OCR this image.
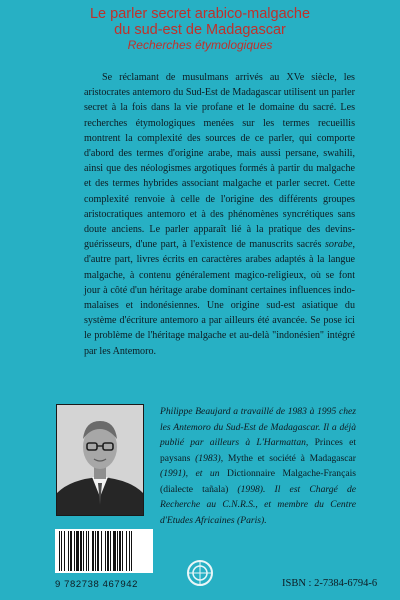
Le parler secret arabico-malgache
du sud-est de Madagascar
Recherches étymologiques

Se réclamant de musulmans arrivés au XVe siècle, les aristocrates antemoro du Sud-Est de Madagascar utilisent un parler secret à la fois dans la vie profane et le domaine du sacré. Les recherches étymologiques menées sur les termes recueillis montrent la complexité des sources de ce parler, qui comporte d'abord des termes d'origine arabe, mais aussi persane, swahili, ainsi que des néologismes argotiques formés à partir du malgache et des termes hybrides associant malgache et parler secret. Cette complexité renvoie à celle de l'origine des différents groupes aristocratiques antemoro et à des phénomènes syncrétiques sans doute anciens. Le parler apparaît lié à la pratique des devins-guérisseurs, d'une part, à l'existence de manuscrits sacrés sorabe, d'autre part, livres écrits en caractères arabes adaptés à la langue malgache, à contenu généralement magico-religieux, où se font jour à côté d'un héritage arabe dominant certaines influences indo-malaises et indonésiennes. Une origine sud-est asiatique du système d'écriture antemoro a par ailleurs été avancée. Se pose ici le problème de l'héritage malgache et au-delà "indonésien" intégré par les Antemoro.

Philippe Beaujard a travaillé de 1983 à 1995 chez les Antemoro du Sud-Est de Madagascar. Il a déjà publié par ailleurs à L'Harmattan, Princes et paysans (1983), Mythe et société à Madagascar (1991), et un Dictionnaire Malgache-Français (dialecte tañala) (1998). Il est Chargé de Recherche au C.N.R.S., et membre du Centre d'Etudes Africaines (Paris).
9 782738 467942	ISBN : 2-7384-6794-6
